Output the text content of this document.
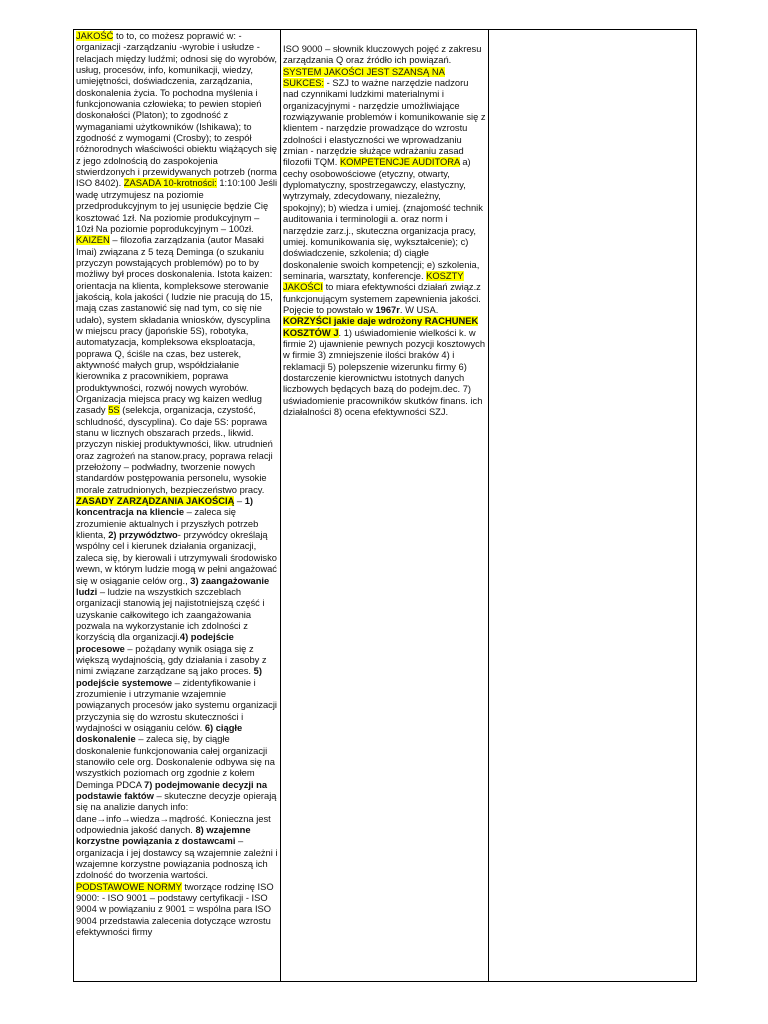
JAKOŚĆ to to, co możesz poprawić w: -organizacji -zarządzaniu -wyrobie i usłudze - relacjach między ludźmi; odnosi się do wyrobów, usług, procesów, info, komunikacji, wiedzy, umiejętności, doświadczenia, zarządzania, doskonalenia życia. To pochodna myślenia i funkcjonowania człowieka; to pewien stopień doskonałości (Platon); to zgodność z wymaganiami użytkowników (Ishikawa); to zgodność z wymogami (Crosby); to zespół różnorodnych właściwości obiektu wiążących się z jego zdolnością do zaspokojenia stwierdzonych i przewidywanych potrzeb (norma ISO 8402). ZASADA 10-krotności: 1:10:100 Jeśli wadę utrzymujesz na poziomie przedprodukcyjnym to jej usunięcie będzie Cię kosztować 1zł. Na poziomie produkcyjnym – 10zł Na poziomie poprodukcyjnym – 100zł. KAIZEN – filozofia zarządzania (autor Masaki Imai) związana z 5 tezą Deminga (o szukaniu przyczyn powstających problemów) po to by możliwy był proces doskonalenia. Istota kaizen: orientacja na klienta, kompleksowe sterowanie jakością, kola jakości ( ludzie nie pracują do 15, mają czas zastanowić się nad tym, co się nie udało), system składania wniosków, dyscyplina w miejscu pracy (japońskie 5S), robotyka, automatyzacja, kompleksowa eksploatacja, poprawa Q, ściśle na czas, bez usterek, aktywność małych grup, współdziałanie kierownika z pracownikiem, poprawa produktywności, rozwój nowych wyrobów. Organizacja miejsca pracy wg kaizen według zasady 5S (selekcja, organizacja, czystość, schludność, dyscyplina). Co daje 5S: poprawa stanu w licznych obszarach przeds., likwid. przyczyn niskiej produktywności, likw. utrudnień oraz zagrożeń na stanow.pracy, poprawa relacji przełożony – podwładny, tworzenie nowych standardów postępowania personelu, wysokie morale zatrudnionych, bezpieczeństwo pracy. ZASADY ZARZĄDZANIA JAKOŚCIĄ – 1) koncentracja na kliencie – zaleca się zrozumienie aktualnych i przyszłych potrzeb klienta, 2) przywództwo- przywódcy określają wspólny cel i kierunek działania organizacji, zaleca się, by kierowali i utrzymywali środowisko wewn, w którym ludzie mogą w pełni angażować się w osiąganie celów org., 3) zaangażowanie ludzi – ludzie na wszystkich szczeblach organizacji stanowią jej najistotniejszą część i uzyskanie całkowitego ich zaangażowania pozwala na wykorzystanie ich zdolności z korzyścią dla organizacji.4) podejście procesowe – pożądany wynik osiąga się z większą wydajnością, gdy działania i zasoby z nimi związane zarządzane są jako proces. 5) podejście systemowe – zidentyfikowanie i zrozumienie i utrzymanie wzajemnie powiązanych procesów jako systemu organizacji przyczynia się do wzrostu skuteczności i wydajności w osiąganiu celów. 6) ciągłe doskonalenie – zaleca się, by ciągłe doskonalenie funkcjonowania całej organizacji stanowiło cele org. Doskonalenie odbywa się na wszystkich poziomach org zgodnie z kołem Deminga PDCA 7) podejmowanie decyzji na podstawie faktów – skuteczne decyzje opierają się na analizie danych info: dane→info→wiedza→mądrość. Konieczna jest odpowiednia jakość danych. 8) wzajemne korzystne powiązania z dostawcami – organizacja i jej dostawcy są wzajemnie zależni i wzajemne korzystne powiązania podnoszą ich zdolność do tworzenia wartości. PODSTAWOWE NORMY tworzące rodzinę ISO 9000: - ISO 9001 – podstawy certyfikacji - ISO 9004 w powiązaniu z 9001 = wspólna para ISO 9004 przedstawia zalecenia dotyczące wzrostu efektywności firmy

ISO 9000 – słownik kluczowych pojęć z zakresu zarządzania Q oraz źródło ich powiązań. SYSTEM JAKOŚCI JEST SZANSĄ NA SUKCES: - SZJ to ważne narzędzie nadzoru nad czynnikami ludzkimi materialnymi i organizacyjnymi - narzędzie umożliwiające rozwiązywanie problemów i komunikowanie się z klientem - narzędzie prowadzące do wzrostu zdolności i elastyczności we wprowadzaniu zmian - narzędzie służące wdrażaniu zasad filozofii TQM. KOMPETENCJE AUDITORA a) cechy osobowościowe (etyczny, otwarty, dyplomatyczny, spostrzegawczy, elastyczny, wytrzymały, zdecydowany, niezależny, spokojny); b) wiedza i umiej. (znajomość technik auditowania i terminologii a. oraz norm i narzędzie zarz.j., skuteczna organizacja pracy, umiej. komunikowania się, wykształcenie); c) doświadczenie, szkolenia; d) ciągłe doskonalenie swoich kompetencji; e) szkolenia, seminaria, warsztaty, konferencje. KOSZTY JAKOŚCI to miara efektywności działań związ.z funkcjonującym systemem zapewnienia jakości. Pojęcie to powstało w 1967r. W USA. KORZYŚCI jakie daje wdrożony RACHUNEK KOSZTÓW J. 1) uświadomienie wielkości k. w firmie 2) ujawnienie pewnych pozycji kosztowych w firmie 3) zmniejszenie ilości braków 4) i reklamacji 5) polepszenie wizerunku firmy 6) dostarczenie kierownictwu istotnych danych liczbowych będących bazą do podejm.dec. 7) uświadomienie pracowników skutków finans. ich działalności 8) ocena efektywności SZJ.
